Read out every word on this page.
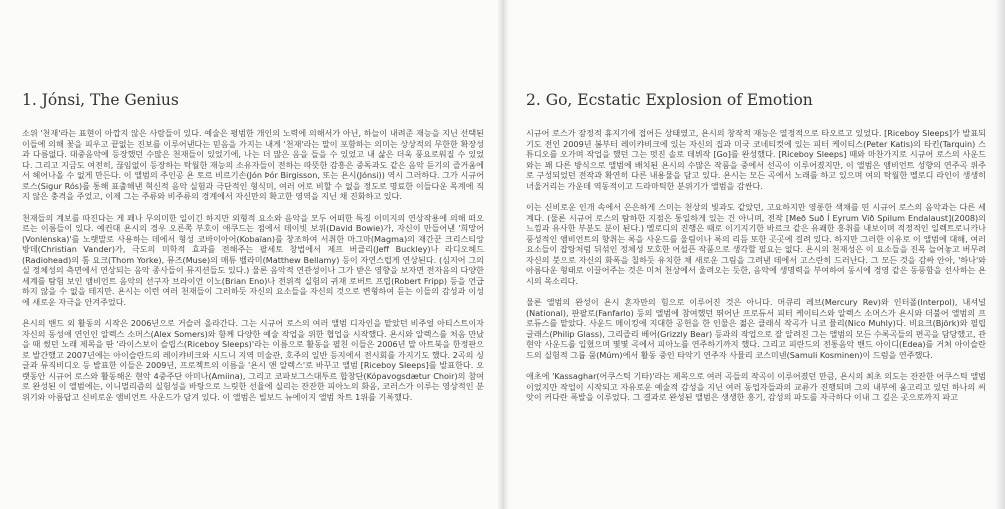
1. Jónsi, The Genius

소위 '천재'라는 표현이 아깝지 않은 사람들이 있다. 예술은 평범한 개인의 노력에 의해서가 아닌, 하늘이 내려준 재능을 지닌 선택된 이들에 의해 꽃을 피우고 끝없는 진보를 이루어낸다는 믿음을 가지는 내게 '천재'라는 말이 포함하는 의미는 상상적의 무한한 확장성과 다름없다. 대중음악에 등장했던 수많은 천재들이 있었기에, 나는 더 많은 음을 들을 수 있었고 내 삶은 더욱 풍요로워질 수 있었다. 그리고 지금도 여전히, 끊임없이 등장하는 탁월한 재능의 소유자들이 전하는 따뜻한 감흥은 중독과도 같은 음악 듣기의 즐거움에서 헤어나올 수 없게 만든다. 이 앨범의 주인공 욘 토르 비르기손(Jón Þór Birgisson, 또는 욘시(Jónsi)) 역시 그러하다. 그가 시규어 로스(Sigur Rós)를 통해 표출해낸 혁신적 음악 실험과 극단적인 형식미, 여러 어로 비할 수 없을 정도로 명료한 이들다운 목계에 직지 않은 충격을 주었고, 이제 그는 주류와 비주류의 경계에서 자신만의 확고한 영역을 지닌 채 진화하고 있다.

천재들의 계보를 따진다는 게 꽤나 무의미한 일이긴 하지만 외형적 요소와 음악을 모두 어떠한 특징 이미지의 연상작용에 의해 떠오르는 이름들이 있다. 예컨대 욘시의 경우 오른쪽 부호이 애쿠드는 점에서 데이빗 보위(David Bowie)가, 자신이 만들어낸 '희망어(Vonlenska)'를 노랫말로 사용하는 데에서 형성 코바이아어(Kobaïan)를 창조하여 서취한 마그마(Magma)의 재간꾼 크리스티앙 방데(Christian Vander)가, 극도의 미학적 효과를 전해주는 팔세토 창법에서 제프 버클리(Jeff Buckley)나 라디오헤드(Radiohead)의 톰 요크(Thom Yorke), 뮤즈(Muse)의 매튜 벨라미(Matthew Bellamy) 등이 자연스럽게 연상된다. (심지어 그의 실 정체성의 측면에서 연상되는 음악 종사들이 뮤지션들도 있다.) 물론 음악적 연관성이나 그가 받은 영향을 보자면 전자음의 다양한 세계를 탐험 보인 앰비언트 음악의 선구자 브라이언 이노(Brian Eno)나 전위적 실험의 귀재 로버트 프립(Robert Fripp) 등을 언급하지 않을 수 없을 테지만. 욘시는 이런 여러 천재들이 그러하듯 자신의 요소들을 자신의 것으로 변형하여 듣는 이들의 감성과 이성에 새로운 자극을 안겨주었다.

욘시의 밴드 외 활동의 시작은 2006년으로 거슬러 올라간다. 그는 시규어 로스의 여러 앨범 디자인을 맡았던 비주얼 아티스트이자 자신의 동성애 연인인 알렉스 소머스(Alex Somers)와 함께 다양한 예술 작업을 위한 협업을 시작했다. 욘시와 알렉스를 처음 만났을 때 썼던 노래 제목을 딴 '라이스보이 슬립스(Riceboy Sleeps)'라는 이름으로 활동을 펼친 이들은 2006년 말 아트북을 한정판으로 발간했고 2007년에는 아이슬란드의 레이캬비크와 시드니 지역 미술관, 호주의 일반 등지에서 전시회를 가지기도 했다. 2곡의 싱글과 뮤직비디오 등 발표한 이들은 2009년, 프로젝트의 이름을 '욘시 앤 알렉스'로 바꾸고 앨범 [Riceboy Sleeps]를 발표한다. 오랫동안 시규어 로스와 활동해온 현악 4중주단 아미나(Amiina), 그리고 코파보그스대투르 합창단(Kópavogsdætur Choir)의 참여로 완성된 이 앨범에는, 이니멀리즘의 실험성을 바탕으로 느릿한 선율에 실리는 잔잔한 피아노의 화음, 코러스가 이루는 영상적인 분위기와 아름답고 신비로운 앰비언트 사운드가 담겨 있다. 이 앨범은 빌보드 뉴에이지 앨범 차트 1위를 기록했다.

2. Go, Ecstatic Explosion of Emotion

시규어 로스가 잠정적 휴지기에 접어든 상태였고, 욘시의 창작적 재능은 열정적으로 타오르고 있었다. [Riceboy Sleeps]가 발표되기도 전인 2009년 봄부터 레이캬비크에 있는 자신의 집과 미국 코네티컷에 있는 피터 케이티스(Peter Katis)의 타킨(Tarquin) 스튜디오를 오가며 작업을 했던 그는 멋진 솔로 데뷔작 [Go]를 완성했다. [Riceboy Sleeps] 때와 마찬가지로 시규어 로스의 사운드와는 꽤 다른 방식으로 앨범에 배치된 욘시의 수많은 작품을 중에서 선곡이 이루어졌지만, 이 앨범은 앰비언트 성향의 연주곡 위주로 구성되었던 전작과 확연히 다른 내용물을 담고 있다. 욘시는 모든 곡에서 노래를 하고 있으며 여의 탁월한 멜로디 라인이 생생히 녀울거리는 가운데 역동적이고 드라마틱한 분위기가 앨범을 감싼다.

이는 신비로운 인개 속에서 은은하게 스미는 천상의 빛과도 같았던, 고요하지만 영롱한 색채를 띤 시규어 로스의 음악과는 다른 세계다. (물론 시규어 로스의 탐하한 지점은 통일하게 있는 건 아니며, 전작 [Með Suð Í Eyrum Við Spilum Endalaust](2008)의 느낌과 유사한 부분도 분이 된다.) 멜로디의 진행은 때로 이기지기한 바르크 같은 유쾌한 흥취를 내보이며 적정적인 일렉트로니카나 풍성적인 앰비언트의 향취는 록을 사운드를 울림이나 록의 리듬 또한 곳곳에 걸려 있다. 하지만 그러한 이유로 이 앨범에 대해, 여러 요소들이 잡탕처럼 뒤섞인 정체성 모호한 어설픈 작품으로 생각할 필요는 없다. 욘시의 천재성은 이 요소들을 진목 늘어놓고 버무려 자신의 붓으로 자신의 화폭을 칠하듯 유치한 채 새로운 그림을 그려낸 데에서 고스란히 드러난다. 그 모든 것을 감싸 안아, '하나'와 아름다운 형태로 이끌어주는 것은 미처 천상에서 울려오는 듯한, 음악에 생명력을 부여하여 동시에 경영 같은 동풍함을 선사하는 욘시의 목소리다.

물론 앨범의 완성이 욘시 혼자만의 힘으로 이루어진 것은 아니다. 머큐리 레브(Mercury Rev)와 인터폴(Interpol), 내셔널(National), 판팔로(Fanfarlo) 등의 앨범에 참여했던 뛰어난 프로듀서 피터 케이티스와 알렉스 소머스가 욘시와 더불어 앨범의 프로듀스를 맡았다. 사운드 메이킹에 지대한 공헌을 한 인물은 젊은 클래식 작곡가 니코 뮬리(Nico Muhly)다. 비요크(Björk)와 필립 글래스(Philip Glass), 그리즐리 베어(Grizzly Bear) 등과의 작업으로 잘 알려진 그는 앨범의 모든 수록곡들의 편곡을 담당했고, 관현악 사운드를 입혔으며 몇몇 곡에서 피아노를 연주하기까지 했다. 그리고 피란드의 전통음악 밴드 아이디(Edea)를 거쳐 아이슬란드의 실험적 그룹 뭄(Múm)에서 활동 중인 타악기 연주자 사뮬리 코스미넨(Samuli Kosminen)이 드럼을 연주했다.

애초에 'Kassaghar(어쿠스틱 기타)'라는 제목으로 여러 곡들의 작곡이 이루어졌던 만큼, 욘시의 최초 의도는 잔잔한 어쿠스틱 앨범이었지만 작업이 시작되고 자유로운 예술적 감성을 지닌 여러 동업자들과의 교류가 진행되며 그의 내부에 움고리고 있던 하나의 씨앗이 커다란 폭발을 이루었다. 그 결과로 완성된 앨범은 생생한 흥기, 감성의 파도를 자극하다 이내 그 깊은 곳으로까지 파고
